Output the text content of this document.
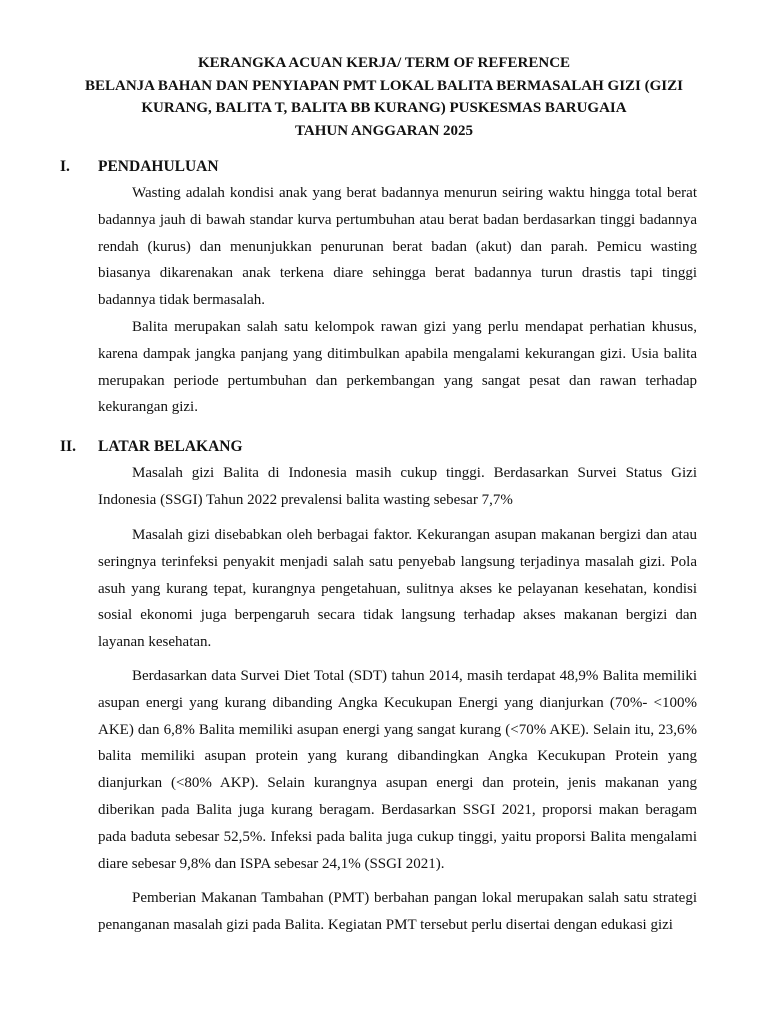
KERANGKA ACUAN KERJA/ TERM OF REFERENCE
BELANJA BAHAN DAN PENYIAPAN PMT LOKAL BALITA BERMASALAH GIZI (GIZI
KURANG, BALITA T, BALITA BB KURANG) PUSKESMAS BARUGAIA
TAHUN ANGGARAN 2025
I. PENDAHULUAN

Wasting adalah kondisi anak yang berat badannya menurun seiring waktu hingga total berat badannya jauh di bawah standar kurva pertumbuhan atau berat badan berdasarkan tinggi badannya rendah (kurus) dan menunjukkan penurunan berat badan (akut) dan parah. Pemicu wasting biasanya dikarenakan anak terkena diare sehingga berat badannya turun drastis tapi tinggi badannya tidak bermasalah.

Balita merupakan salah satu kelompok rawan gizi yang perlu mendapat perhatian khusus, karena dampak jangka panjang yang ditimbulkan apabila mengalami kekurangan gizi. Usia balita merupakan periode pertumbuhan dan perkembangan yang sangat pesat dan rawan terhadap kekurangan gizi.

II. LATAR BELAKANG

Masalah gizi Balita di Indonesia masih cukup tinggi. Berdasarkan Survei Status Gizi Indonesia (SSGI) Tahun 2022 prevalensi balita wasting sebesar 7,7%

Masalah gizi disebabkan oleh berbagai faktor. Kekurangan asupan makanan bergizi dan atau seringnya terinfeksi penyakit menjadi salah satu penyebab langsung terjadinya masalah gizi. Pola asuh yang kurang tepat, kurangnya pengetahuan, sulitnya akses ke pelayanan kesehatan, kondisi sosial ekonomi juga berpengaruh secara tidak langsung terhadap akses makanan bergizi dan layanan kesehatan.

Berdasarkan data Survei Diet Total (SDT) tahun 2014, masih terdapat 48,9% Balita memiliki asupan energi yang kurang dibanding Angka Kecukupan Energi yang dianjurkan (70%- <100% AKE) dan 6,8% Balita memiliki asupan energi yang sangat kurang (<70% AKE). Selain itu, 23,6% balita memiliki asupan protein yang kurang dibandingkan Angka Kecukupan Protein yang dianjurkan (<80% AKP). Selain kurangnya asupan energi dan protein, jenis makanan yang diberikan pada Balita juga kurang beragam. Berdasarkan SSGI 2021, proporsi makan beragam pada baduta sebesar 52,5%. Infeksi pada balita juga cukup tinggi, yaitu proporsi Balita mengalami diare sebesar 9,8% dan ISPA sebesar 24,1% (SSGI 2021).

Pemberian Makanan Tambahan (PMT) berbahan pangan lokal merupakan salah satu strategi penanganan masalah gizi pada Balita. Kegiatan PMT tersebut perlu disertai dengan edukasi gizi
